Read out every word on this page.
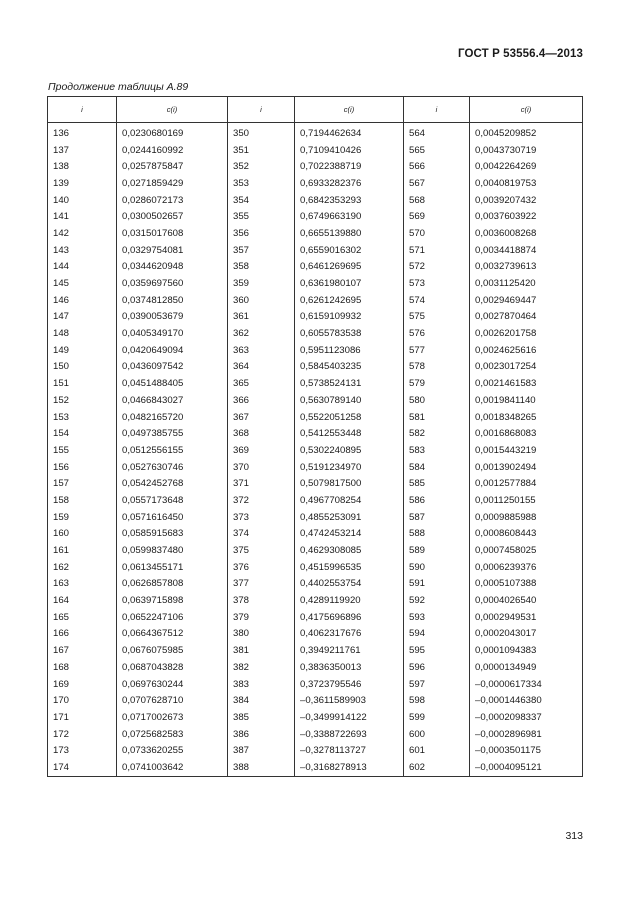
ГОСТ Р 53556.4—2013
Продолжение таблицы А.89
i	c(i)	i	c(i)	i	c(i)

136	0,0230680169	350	0,7194462634	564	0,0045209852
137	0,0244160992	351	0,7109410426	565	0,0043730719
138	0,0257875847	352	0,7022388719	566	0,0042264269
139	0,0271859429	353	0,6933282376	567	0,0040819753
140	0,0286072173	354	0,6842353293	568	0,0039207432
141	0,0300502657	355	0,6749663190	569	0,0037603922
142	0,0315017608	356	0,6655139880	570	0,0036008268
143	0,0329754081	357	0,6559016302	571	0,0034418874
144	0,0344620948	358	0,6461269695	572	0,0032739613
145	0,0359697560	359	0,6361980107	573	0,0031125420
146	0,0374812850	360	0,6261242695	574	0,0029469447
147	0,0390053679	361	0,6159109932	575	0,0027870464
148	0,0405349170	362	0,6055783538	576	0,0026201758
149	0,0420649094	363	0,5951123086	577	0,0024625616
150	0,0436097542	364	0,5845403235	578	0,0023017254
151	0,0451488405	365	0,5738524131	579	0,0021461583
152	0,0466843027	366	0,5630789140	580	0,0019841140
153	0,0482165720	367	0,5522051258	581	0,0018348265
154	0,0497385755	368	0,5412553448	582	0,0016868083
155	0,0512556155	369	0,5302240895	583	0,0015443219
156	0,0527630746	370	0,5191234970	584	0,0013902494
157	0,0542452768	371	0,5079817500	585	0,0012577884
158	0,0557173648	372	0,4967708254	586	0,0011250155
159	0,0571616450	373	0,4855253091	587	0,0009885988
160	0,0585915683	374	0,4742453214	588	0,0008608443
161	0,0599837480	375	0,4629308085	589	0,0007458025
162	0,0613455171	376	0,4515996535	590	0,0006239376
163	0,0626857808	377	0,4402553754	591	0,0005107388
164	0,0639715898	378	0,4289119920	592	0,0004026540
165	0,0652247106	379	0,4175696896	593	0,0002949531
166	0,0664367512	380	0,4062317676	594	0,0002043017
167	0,0676075985	381	0,3949211761	595	0,0001094383
168	0,0687043828	382	0,3836350013	596	0,0000134949
169	0,0697630244	383	0,3723795546	597	–0,0000617334
170	0,0707628710	384	–0,3611589903	598	–0,0001446380
171	0,0717002673	385	–0,3499914122	599	–0,0002098337
172	0,0725682583	386	–0,3388722693	600	–0,0002896981
173	0,0733620255	387	–0,3278113727	601	–0,0003501175
174	0,0741003642	388	–0,3168278913	602	–0,0004095121
313
